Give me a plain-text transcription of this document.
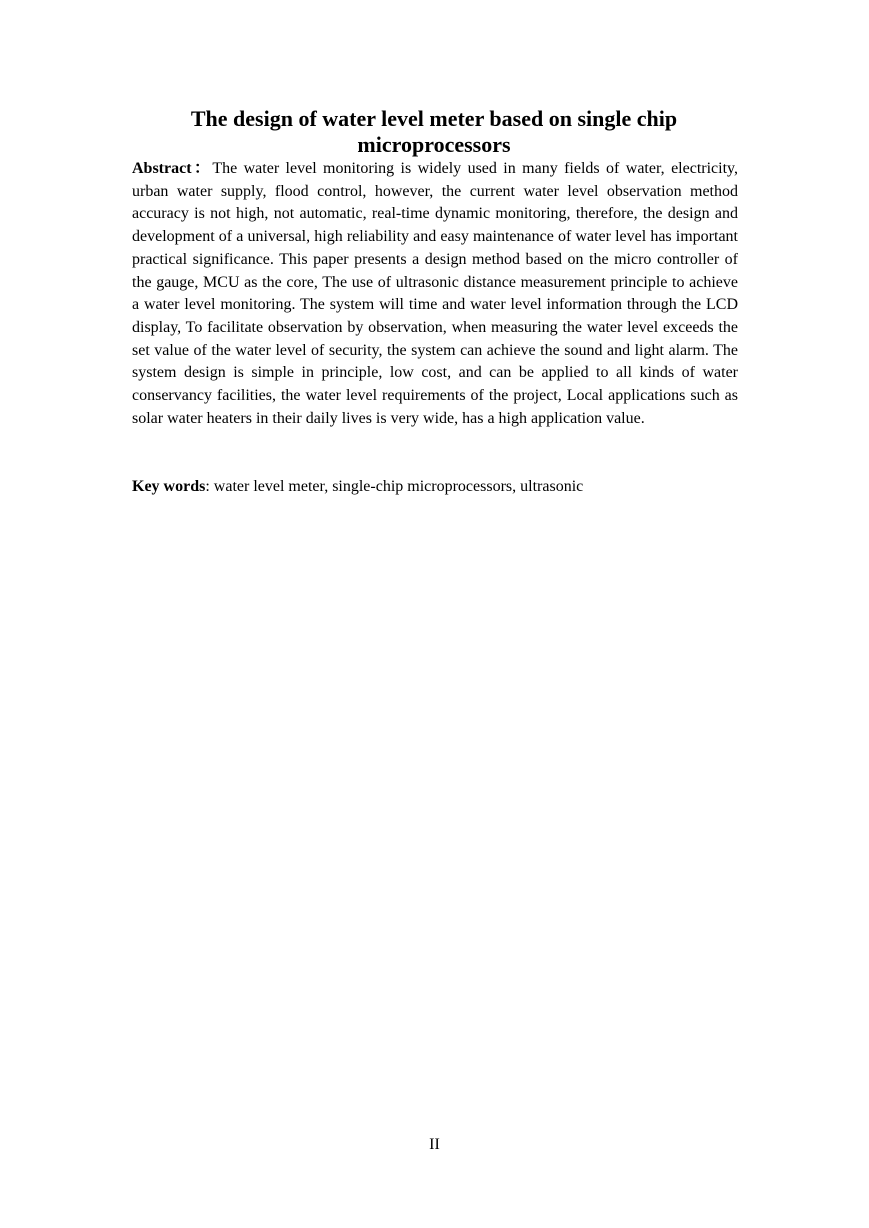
The design of water level meter based on single chip microprocessors

Abstract：The water level monitoring is widely used in many fields of water, electricity, urban water supply, flood control, however, the current water level observation method accuracy is not high, not automatic, real-time dynamic monitoring, therefore, the design and development of a universal, high reliability and easy maintenance of water level has important practical significance. This paper presents a design method based on the micro controller of the gauge, MCU as the core, The use of ultrasonic distance measurement principle to achieve a water level monitoring. The system will time and water level information through the LCD display, To facilitate observation by observation, when measuring the water level exceeds the set value of the water level of security, the system can achieve the sound and light alarm. The system design is simple in principle, low cost, and can be applied to all kinds of water conservancy facilities, the water level requirements of the project, Local applications such as solar water heaters in their daily lives is very wide, has a high application value.

Key words: water level meter, single-chip microprocessors, ultrasonic

II
